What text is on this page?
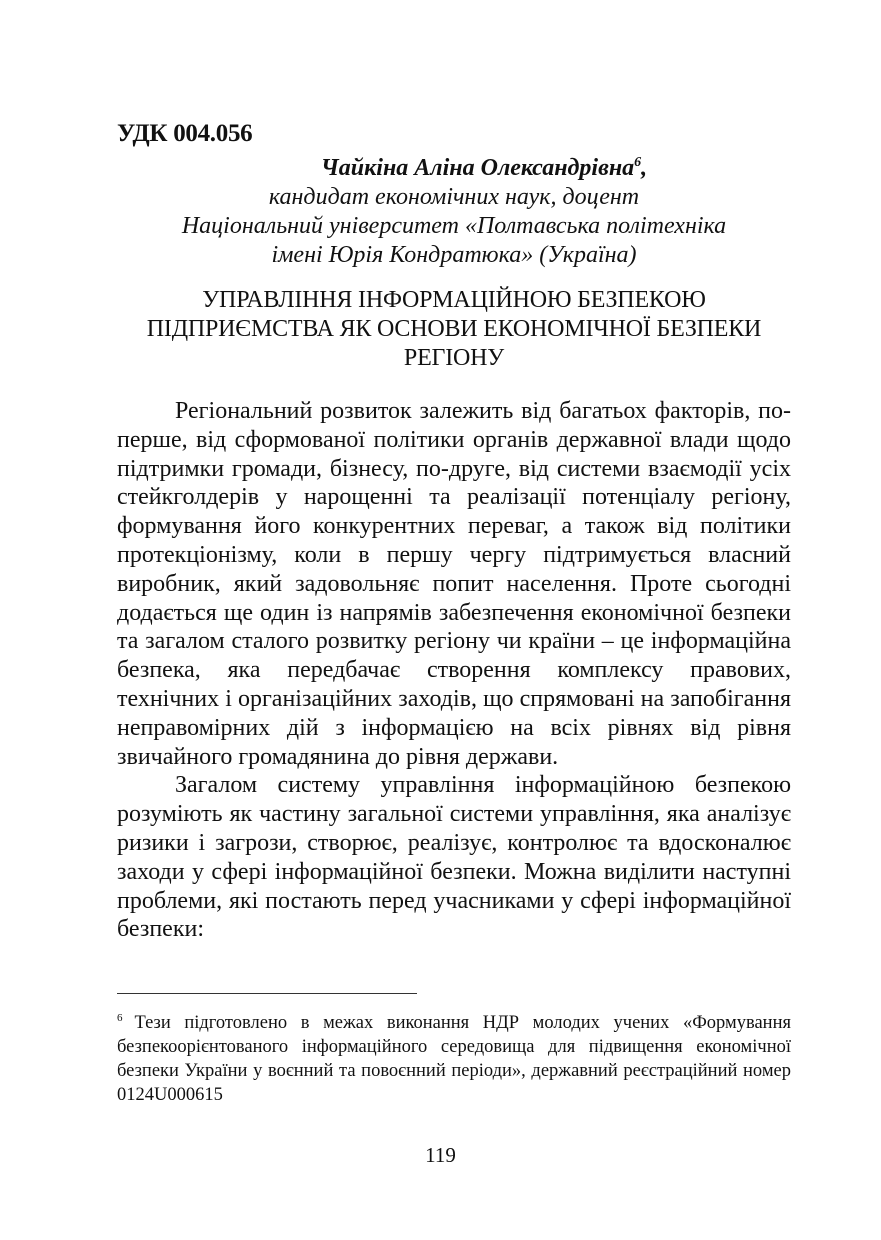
УДК 004.056
Чайкіна Аліна Олександрівна$^6$,
кандидат економічних наук, доцент
Національний університет «Полтавська політехніка
імені Юрія Кондратюка» (Україна)
УПРАВЛІННЯ ІНФОРМАЦІЙНОЮ БЕЗПЕКОЮ
ПІДПРИЄМСТВА ЯК ОСНОВИ ЕКОНОМІЧНОЇ БЕЗПЕКИ
РЕГІОНУ

Регіональний розвиток залежить від багатьох факторів, по-перше, від сформованої політики органів державної влади щодо підтримки громади, бізнесу, по-друге, від системи взаємодії усіх стейкголдерів у нарощенні та реалізації потенціалу регіону, формування його конкурентних переваг, а також від політики протекціонізму, коли в першу чергу підтримується власний виробник, який задовольняє попит населення. Проте сьогодні додається ще один із напрямів забезпечення економічної безпеки та загалом сталого розвитку регіону чи країни – це інформаційна безпека, яка передбачає створення комплексу правових, технічних і організаційних заходів, що спрямовані на запобігання неправомірних дій з інформацією на всіх рівнях від рівня звичайного громадянина до рівня держави.

Загалом систему управління інформаційною безпекою розуміють як частину загальної системи управління, яка аналізує ризики і загрози, створює, реалізує, контролює та вдосконалює заходи у сфері інформаційної безпеки. Можна виділити наступні проблеми, які постають перед учасниками у сфері інформаційної безпеки:

$^6$ Тези підготовлено в межах виконання НДР молодих учених «Формування безпекоорієнтованого інформаційного середовища для підвищення економічної безпеки України у воєнний та повоєнний періоди», державний реєстраційний номер 0124U000615
119
